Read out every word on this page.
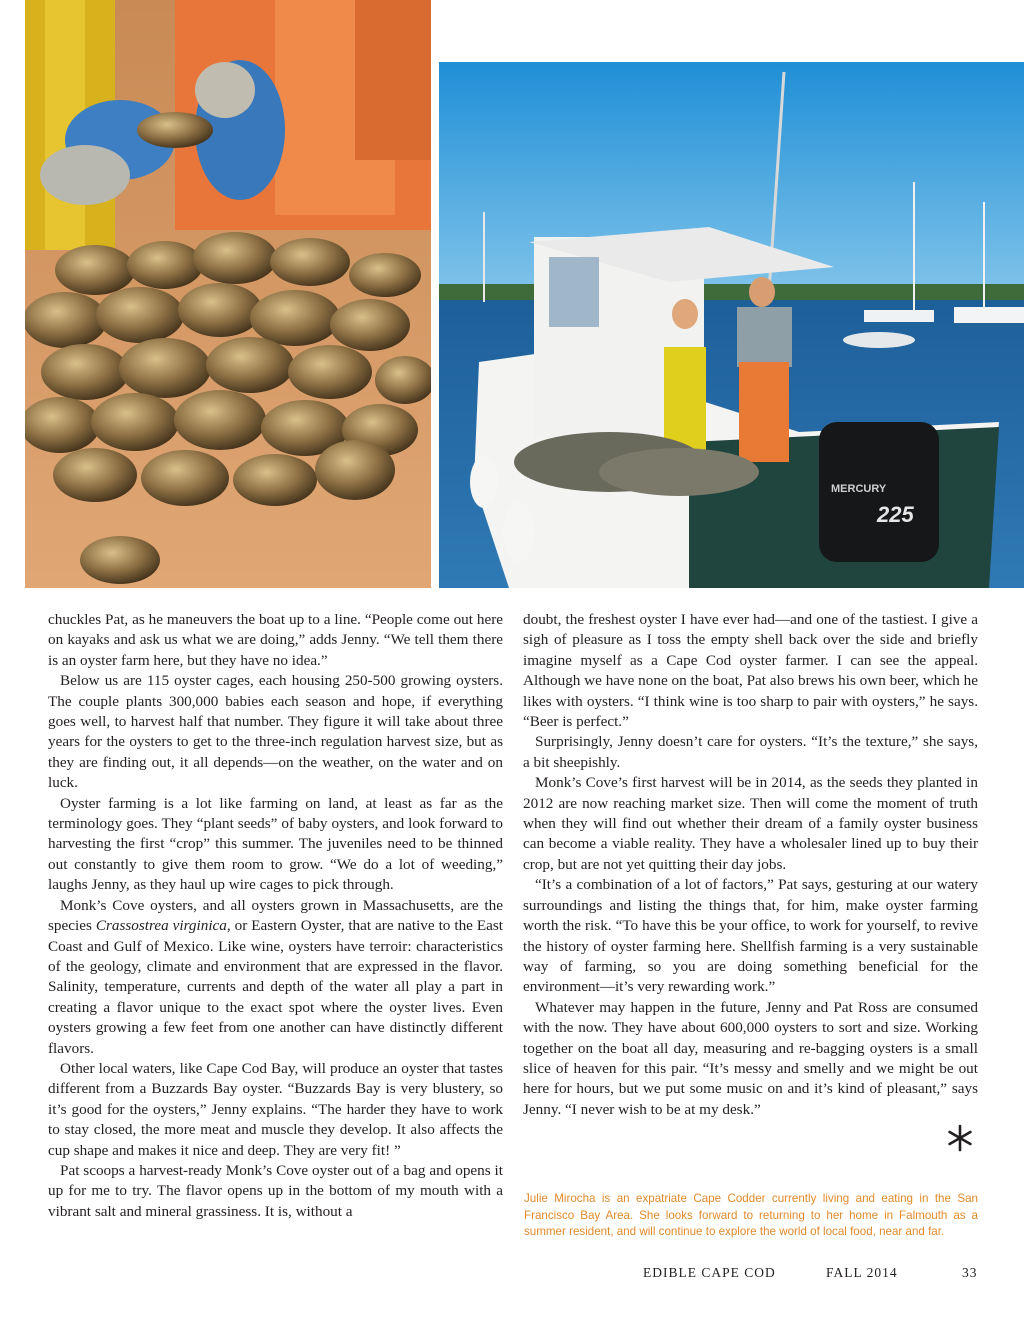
225
MERCURY

chuckles Pat, as he maneuvers the boat up to a line. “People come out here on kayaks and ask us what we are doing,” adds Jenny. “We tell them there is an oyster farm here, but they have no idea.”

Below us are 115 oyster cages, each housing 250-500 growing oysters. The couple plants 300,000 babies each season and hope, if everything goes well, to harvest half that number. They figure it will take about three years for the oysters to get to the three-inch regulation harvest size, but as they are finding out, it all depends—on the weather, on the water and on luck.

Oyster farming is a lot like farming on land, at least as far as the terminology goes. They “plant seeds” of baby oysters, and look forward to harvesting the first “crop” this summer. The juveniles need to be thinned out constantly to give them room to grow. “We do a lot of weeding,” laughs Jenny, as they haul up wire cages to pick through.

Monk’s Cove oysters, and all oysters grown in Massachusetts, are the species Crassostrea virginica, or Eastern Oyster, that are native to the East Coast and Gulf of Mexico. Like wine, oysters have terroir: characteristics of the geology, climate and environment that are expressed in the flavor. Salinity, temperature, currents and depth of the water all play a part in creating a flavor unique to the exact spot where the oyster lives. Even oysters growing a few feet from one another can have distinctly different flavors.

Other local waters, like Cape Cod Bay, will produce an oyster that tastes different from a Buzzards Bay oyster. “Buzzards Bay is very blustery, so it’s good for the oysters,” Jenny explains. “The harder they have to work to stay closed, the more meat and muscle they develop. It also affects the cup shape and makes it nice and deep. They are very fit! ”

Pat scoops a harvest-ready Monk’s Cove oyster out of a bag and opens it up for me to try. The flavor opens up in the bottom of my mouth with a vibrant salt and mineral grassiness. It is, without a

doubt, the freshest oyster I have ever had—and one of the tastiest. I give a sigh of pleasure as I toss the empty shell back over the side and briefly imagine myself as a Cape Cod oyster farmer. I can see the appeal. Although we have none on the boat, Pat also brews his own beer, which he likes with oysters. “I think wine is too sharp to pair with oysters,” he says. “Beer is perfect.”

Surprisingly, Jenny doesn’t care for oysters. “It’s the texture,” she says, a bit sheepishly.

Monk’s Cove’s first harvest will be in 2014, as the seeds they planted in 2012 are now reaching market size. Then will come the moment of truth when they will find out whether their dream of a family oyster business can become a viable reality. They have a wholesaler lined up to buy their crop, but are not yet quitting their day jobs.

“It’s a combination of a lot of factors,” Pat says, gesturing at our watery surroundings and listing the things that, for him, make oyster farming worth the risk. “To have this be your office, to work for yourself, to revive the history of oyster farming here. Shellfish farming is a very sustainable way of farming, so you are doing something beneficial for the environment—it’s very rewarding work.”

Whatever may happen in the future, Jenny and Pat Ross are consumed with the now. They have about 600,000 oysters to sort and size. Working together on the boat all day, measuring and re-bagging oysters is a small slice of heaven for this pair. “It’s messy and smelly and we might be out here for hours, but we put some music on and it’s kind of pleasant,” says Jenny. “I never wish to be at my desk.”

Julie Mirocha is an expatriate Cape Codder currently living and eating in the San Francisco Bay Area. She looks forward to returning to her home in Falmouth as a summer resident, and will continue to explore the world of local food, near and far.
EDIBLE CAPE COD	FALL 2014	33
